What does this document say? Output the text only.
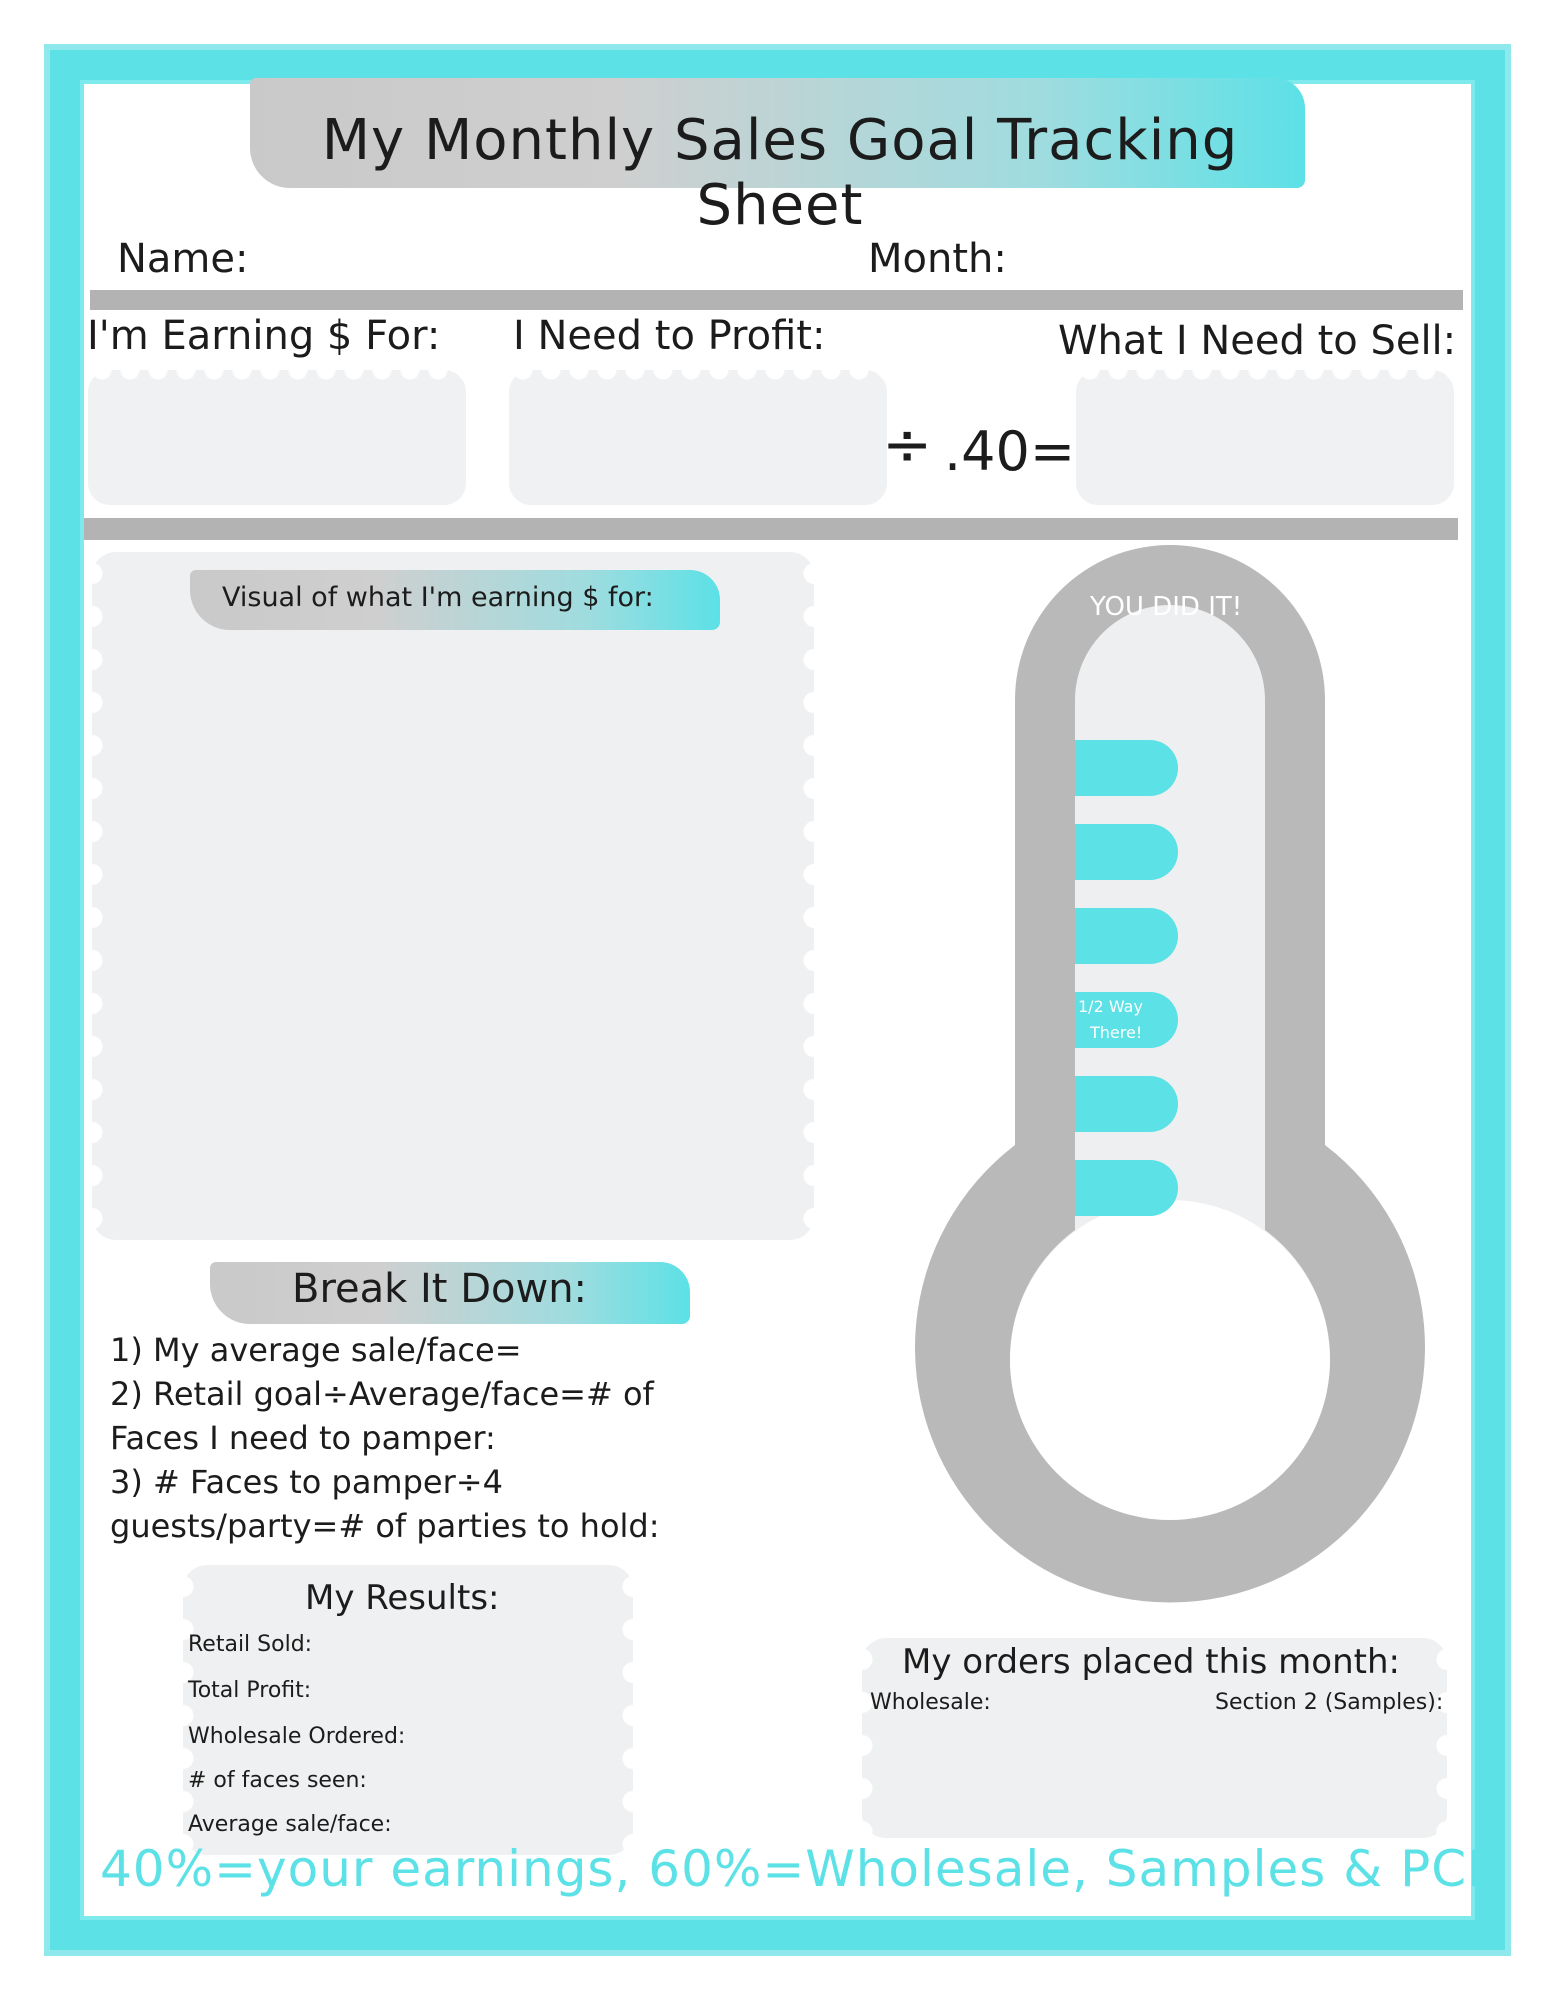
My Monthly Sales Goal Tracking Sheet
Name:	Month:
I'm Earning $ For: I Need to Profit:	What I Need to Sell:
÷ .40=
Visual of what I'm earning $ for:	YOU DID IT!
1/2 Way
There!
Break It Down:
1) My average sale/face=
2) Retail goal÷Average/face=# of
Faces I need to pamper:
3) # Faces to pamper÷4
guests/party=# of parties to hold:
My Results:
Retail Sold:
Total Profit:
Wholesale Ordered:
# of faces seen:
Average sale/face:
My orders placed this month:
Wholesale:	Section 2 (Samples):
40%=your earnings, 60%=Wholesale, Samples & PCP
